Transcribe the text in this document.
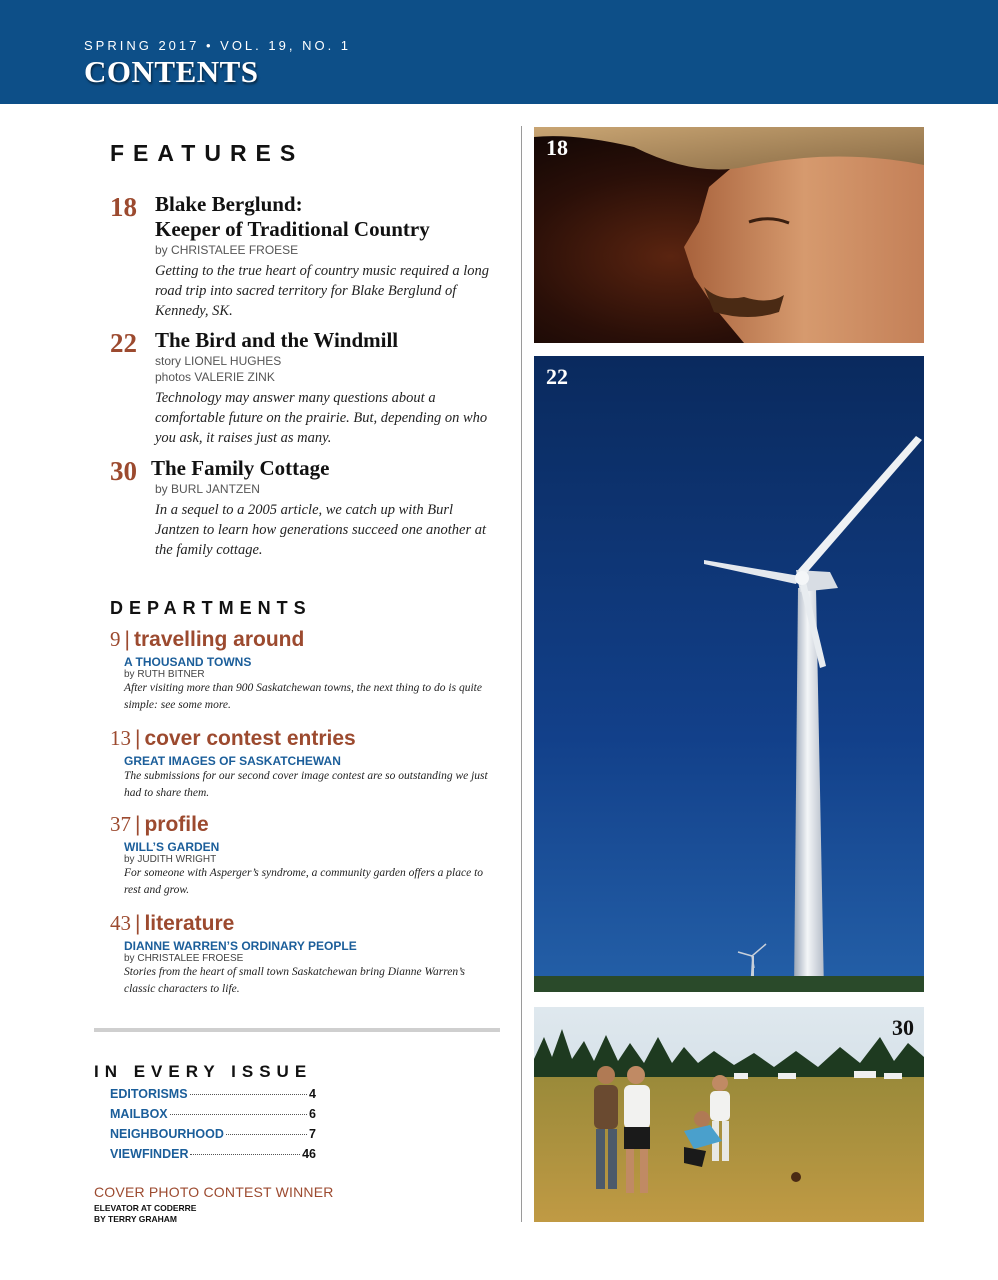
SPRING 2017 • VOL. 19, NO. 1
CONTENTS
FEATURES
18 Blake Berglund:
Keeper of Traditional Country
by CHRISTALEE FROESE
Getting to the true heart of country music required a long road trip into sacred territory for Blake Berglund of Kennedy, SK.
22 The Bird and the Windmill
story LIONEL HUGHES
photos VALERIE ZINK
Technology may answer many questions about a comfortable future on the prairie. But, depending on who you ask, it raises just as many.
30 The Family Cottage
by BURL JANTZEN
In a sequel to a 2005 article, we catch up with Burl Jantzen to learn how generations succeed one another at the family cottage.
DEPARTMENTS
9 | travelling around
A THOUSAND TOWNS
by RUTH BITNER
After visiting more than 900 Saskatchewan towns, the next thing to do is quite simple: see some more.
13 | cover contest entries
GREAT IMAGES OF SASKATCHEWAN
The submissions for our second cover image contest are so outstanding we just had to share them.
37 | profile
WILL’S GARDEN
by JUDITH WRIGHT
For someone with Asperger’s syndrome, a community garden offers a place to rest and grow.
43 | literature
DIANNE WARREN’S ORDINARY PEOPLE
by CHRISTALEE FROESE
Stories from the heart of small town Saskatchewan bring Dianne Warren’s classic characters to life.
IN EVERY ISSUE
EDITORISMS	4
MAILBOX	6
NEIGHBOURHOOD	7
VIEWFINDER	46
COVER PHOTO CONTEST WINNER
ELEVATOR AT CODERRE
BY TERRY GRAHAM
18
22
30
